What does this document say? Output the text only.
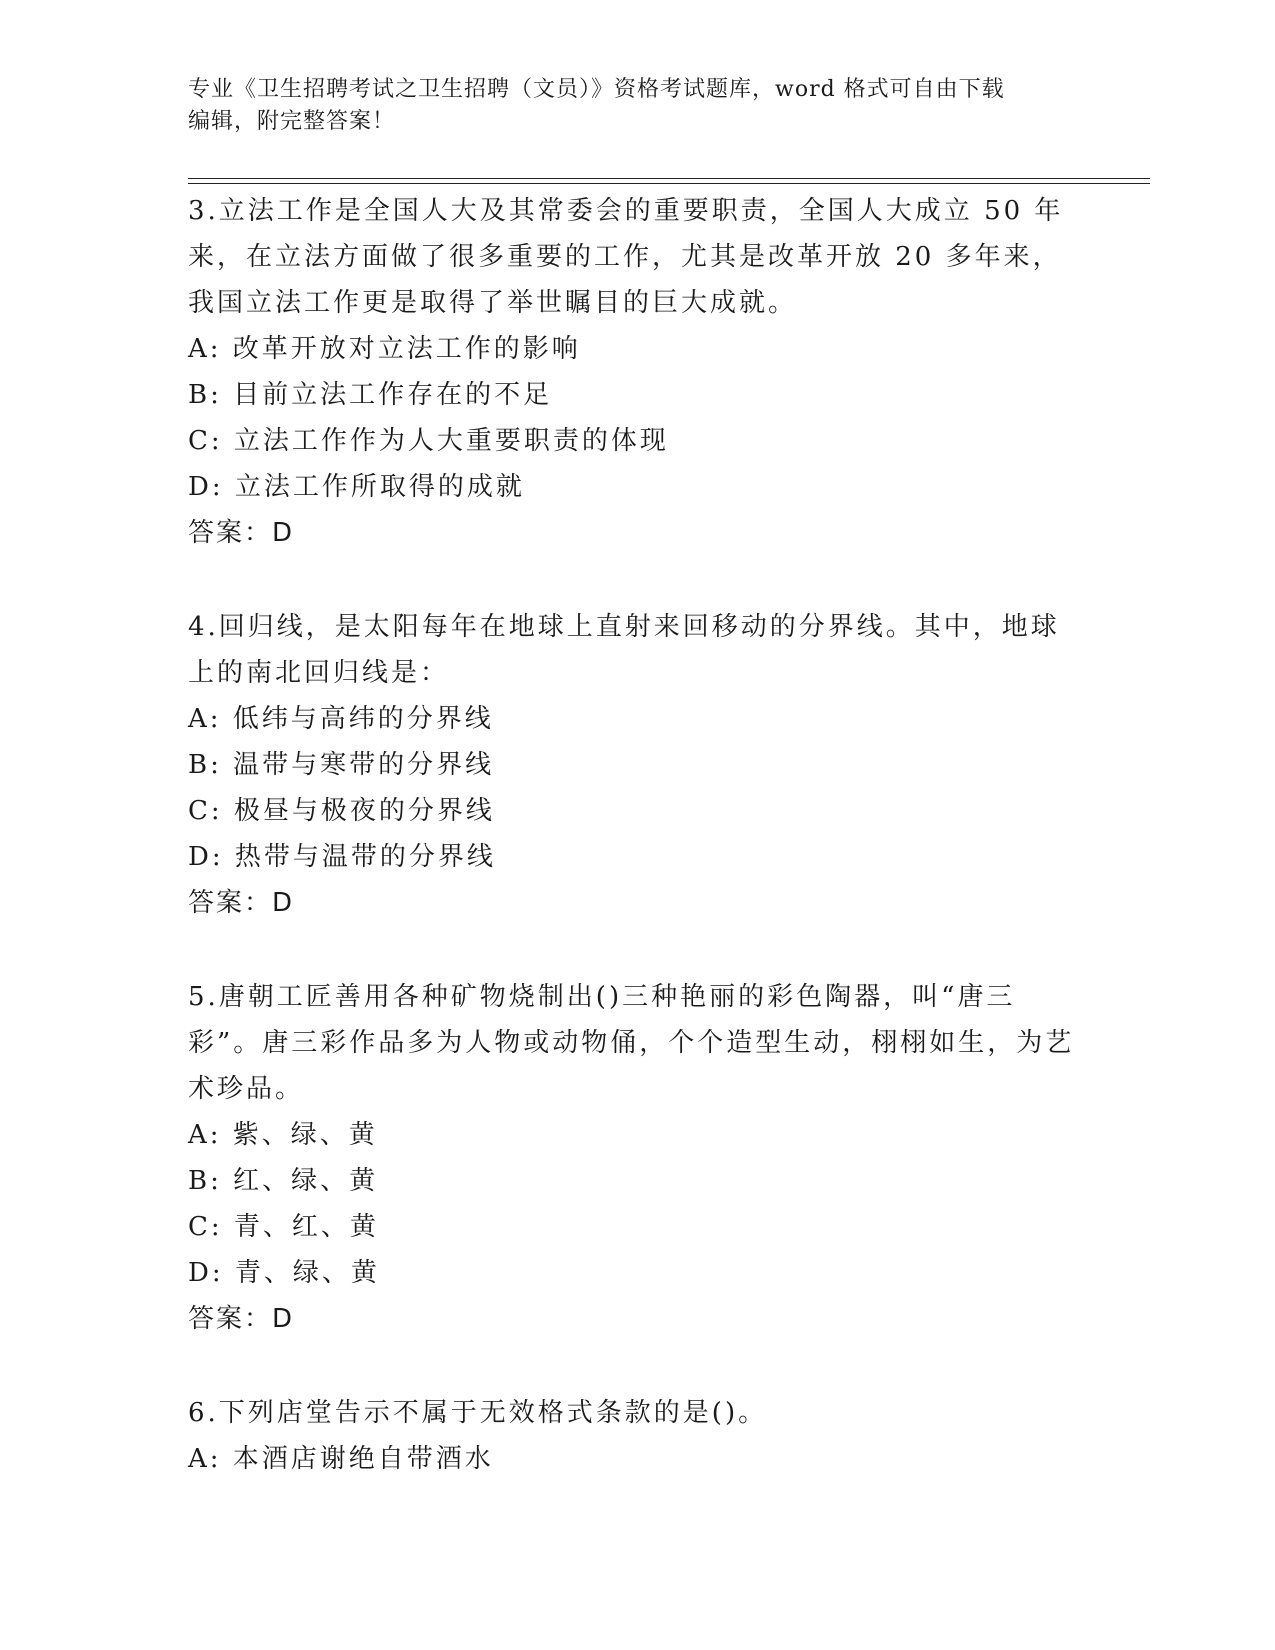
专业《卫生招聘考试之卫生招聘（文员）》资格考试题库，word 格式可自由下载
编辑，附完整答案！
3.立法工作是全国人大及其常委会的重要职责，全国人大成立 50 年来，在立法方面做了很多重要的工作，尤其是改革开放 20 多年来，我国立法工作更是取得了举世瞩目的巨大成就。
A: 改革开放对立法工作的影响
B: 目前立法工作存在的不足
C: 立法工作作为人大重要职责的体现
D: 立法工作所取得的成就
答案：D
4.回归线，是太阳每年在地球上直射来回移动的分界线。其中，地球上的南北回归线是：
A: 低纬与高纬的分界线
B: 温带与寒带的分界线
C: 极昼与极夜的分界线
D: 热带与温带的分界线
答案：D
5.唐朝工匠善用各种矿物烧制出()三种艳丽的彩色陶器，叫“唐三彩”。唐三彩作品多为人物或动物俑，个个造型生动，栩栩如生，为艺术珍品。
A: 紫、绿、黄
B: 红、绿、黄
C: 青、红、黄
D: 青、绿、黄
答案：D
6.下列店堂告示不属于无效格式条款的是()。
A: 本酒店谢绝自带酒水
